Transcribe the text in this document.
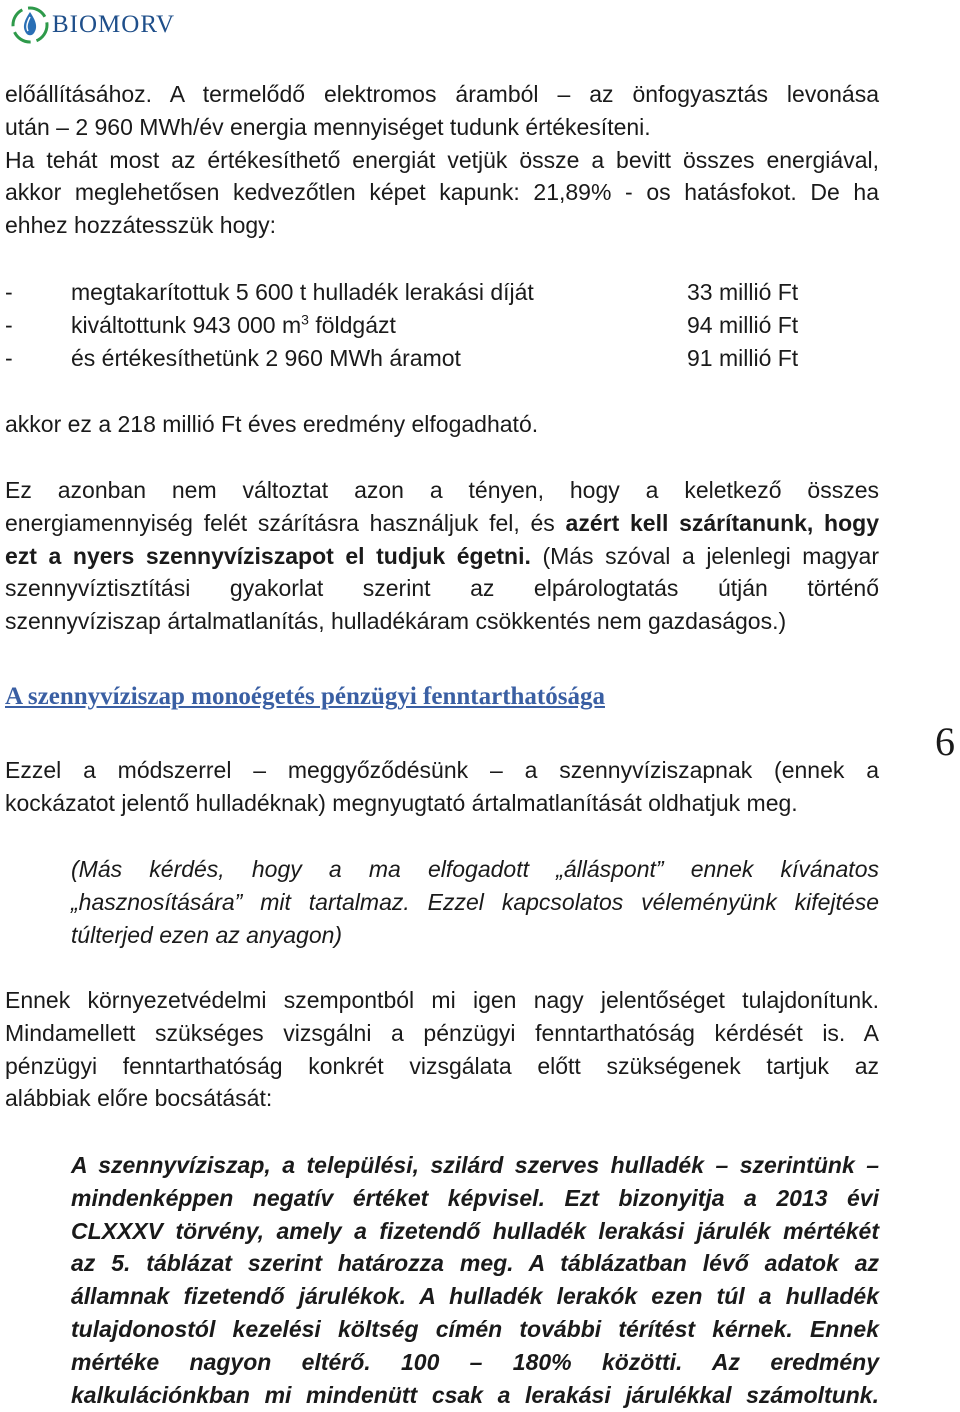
BIOMORV
előállításához. A termelődő elektromos áramból – az önfogyasztás levonása
után – 2 960 MWh/év energia mennyiséget tudunk értékesíteni.
Ha tehát most az értékesíthető energiát vetjük össze a bevitt összes energiával,
akkor meglehetősen kedvezőtlen képet kapunk: 21,89% - os hatásfokot. De ha
ehhez hozzátesszük hogy:
-	megtakarítottuk 5 600 t hulladék lerakási díját	33 millió Ft
-	kiváltottunk 943 000 $m^3$ földgázt	94 millió Ft
-	és értékesíthetünk 2 960 MWh áramot	91 millió Ft
akkor ez a 218 millió Ft éves eredmény elfogadható.
Ez azonban nem változtat azon a tényen, hogy a keletkező összes
energiamennyiség felét szárításra használjuk fel, és azért kell szárítanunk, hogy
ezt a nyers szennyvíziszapot el tudjuk égetni. (Más szóval a jelenlegi magyar
szennyvíztisztítási gyakorlat szerint az elpárologtatás útján történő
szennyvíziszap ártalmatlanítás, hulladékáram csökkentés nem gazdaságos.)
A szennyvíziszap monoégetés pénzügyi fenntarthatósága
Ezzel a módszerrel – meggyőződésünk – a szennyvíziszapnak (ennek a
kockázatot jelentő hulladéknak) megnyugtató ártalmatlanítását oldhatjuk meg.
(Más kérdés, hogy a ma elfogadott „álláspont” ennek kívánatos
„hasznosítására” mit tartalmaz. Ezzel kapcsolatos véleményünk kifejtése
túlterjed ezen az anyagon)
Ennek környezetvédelmi szempontból mi igen nagy jelentőséget tulajdonítunk.
Mindamellett szükséges vizsgálni a pénzügyi fenntarthatóság kérdését is. A
pénzügyi fenntarthatóság konkrét vizsgálata előtt szükségenek tartjuk az
alábbiak előre bocsátását:
A szennyvíziszap, a települési, szilárd szerves hulladék – szerintünk –
mindenképpen negatív értéket képvisel. Ezt bizonyitja a 2013 évi
CLXXXV törvény, amely a fizetendő hulladék lerakási járulék mértékét
az 5. táblázat szerint határozza meg. A táblázatban lévő adatok az
államnak fizetendő járulékok. A hulladék lerakók ezen túl a hulladék
tulajdonostól kezelési költség címén további térítést kérnek. Ennek
mértéke nagyon eltérő. 100 – 180% közötti. Az eredmény
kalkulációnkban mi mindenütt csak a lerakási járulékkal számoltunk.
6
